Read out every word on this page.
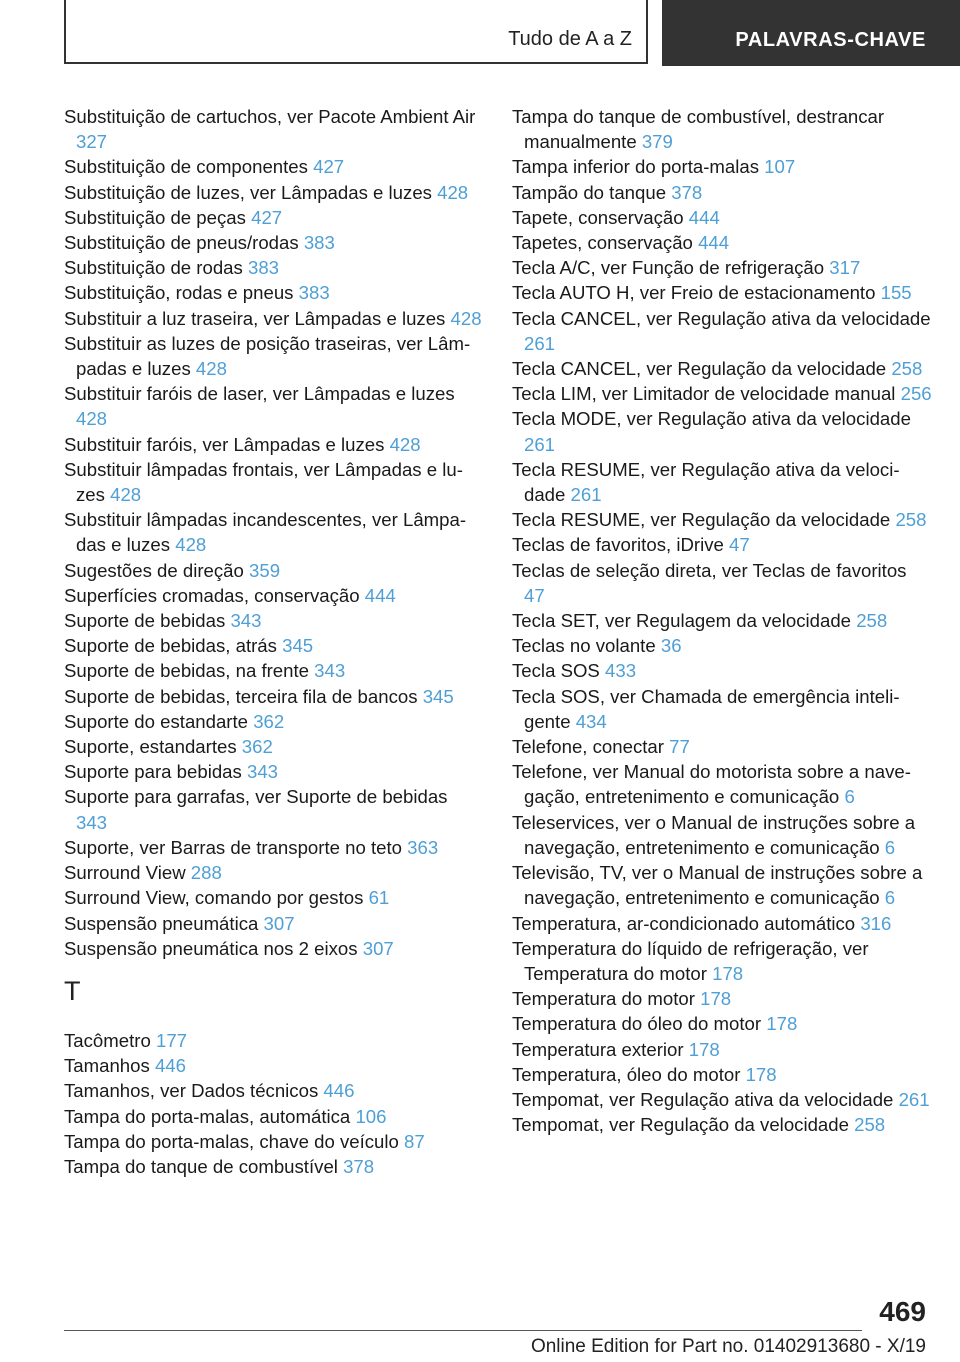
Tudo de A a Z	PALAVRAS-CHAVE
Substituição de cartuchos, ver Pacote Ambient Air 327
Substituição de componentes 427
Substituição de luzes, ver Lâmpadas e luzes 428
Substituição de peças 427
Substituição de pneus/rodas 383
Substituição de rodas 383
Substituição, rodas e pneus 383
Substituir a luz traseira, ver Lâmpadas e luzes 428
Substituir as luzes de posição traseiras, ver Lâmpadas e luzes 428
Substituir faróis de laser, ver Lâmpadas e luzes 428
Substituir faróis, ver Lâmpadas e luzes 428
Substituir lâmpadas frontais, ver Lâmpadas e luzes 428
Substituir lâmpadas incandescentes, ver Lâmpadas e luzes 428
Sugestões de direção 359
Superfícies cromadas, conservação 444
Suporte de bebidas 343
Suporte de bebidas, atrás 345
Suporte de bebidas, na frente 343
Suporte de bebidas, terceira fila de bancos 345
Suporte do estandarte 362
Suporte, estandartes 362
Suporte para bebidas 343
Suporte para garrafas, ver Suporte de bebidas 343
Suporte, ver Barras de transporte no teto 363
Surround View 288
Surround View, comando por gestos 61
Suspensão pneumática 307
Suspensão pneumática nos 2 eixos 307
T
Tacômetro 177
Tamanhos 446
Tamanhos, ver Dados técnicos 446
Tampa do porta-malas, automática 106
Tampa do porta-malas, chave do veículo 87
Tampa do tanque de combustível 378
Tampa do tanque de combustível, destrancar manualmente 379
Tampa inferior do porta-malas 107
Tampão do tanque 378
Tapete, conservação 444
Tapetes, conservação 444
Tecla A/C, ver Função de refrigeração 317
Tecla AUTO H, ver Freio de estacionamento 155
Tecla CANCEL, ver Regulação ativa da velocidade 261
Tecla CANCEL, ver Regulação da velocidade 258
Tecla LIM, ver Limitador de velocidade manual 256
Tecla MODE, ver Regulação ativa da velocidade 261
Tecla RESUME, ver Regulação ativa da velocidade 261
Tecla RESUME, ver Regulação da velocidade 258
Teclas de favoritos, iDrive 47
Teclas de seleção direta, ver Teclas de favoritos 47
Tecla SET, ver Regulagem da velocidade 258
Teclas no volante 36
Tecla SOS 433
Tecla SOS, ver Chamada de emergência inteligente 434
Telefone, conectar 77
Telefone, ver Manual do motorista sobre a navegação, entretenimento e comunicação 6
Teleservices, ver o Manual de instruções sobre a navegação, entretenimento e comunicação 6
Televisão, TV, ver o Manual de instruções sobre a navegação, entretenimento e comunicação 6
Temperatura, ar-condicionado automático 316
Temperatura do líquido de refrigeração, ver Temperatura do motor 178
Temperatura do motor 178
Temperatura do óleo do motor 178
Temperatura exterior 178
Temperatura, óleo do motor 178
Tempomat, ver Regulação ativa da velocidade 261
Tempomat, ver Regulação da velocidade 258
469
Online Edition for Part no. 01402913680 - X/19
